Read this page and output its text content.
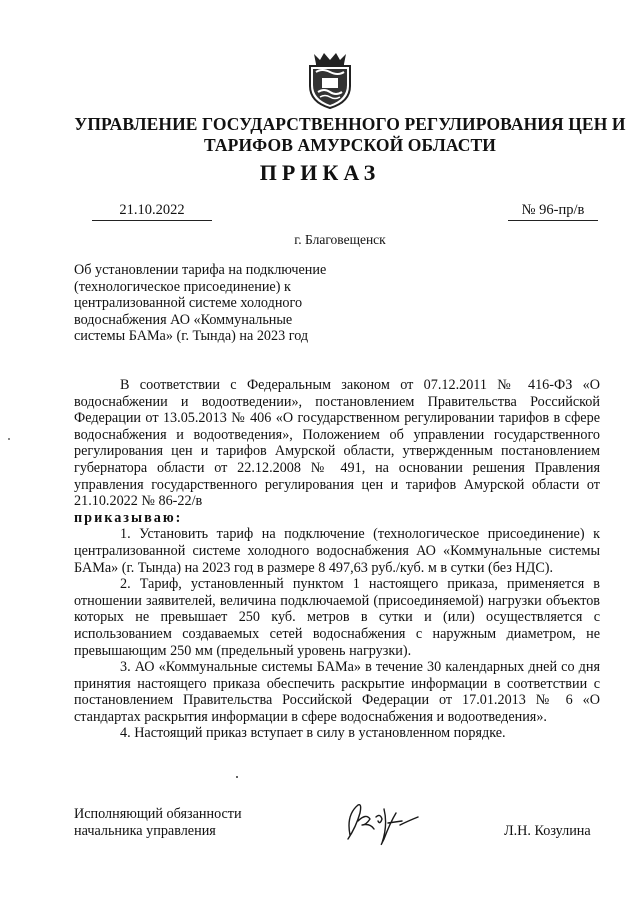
УПРАВЛЕНИЕ ГОСУДАРСТВЕННОГО РЕГУЛИРОВАНИЯ ЦЕН И
ТАРИФОВ АМУРСКОЙ ОБЛАСТИ
ПРИКАЗ
21.10.2022	№ 96-пр/в
г. Благовещенск
Об установлении тарифа на подключение
(технологическое присоединение) к
централизованной системе холодного
водоснабжения АО «Коммунальные
системы БАМа» (г. Тында) на 2023 год

В соответствии с Федеральным законом от 07.12.2011 № 416-ФЗ «О водоснабжении и водоотведении», постановлением Правительства Российской Федерации от 13.05.2013 № 406 «О государственном регулировании тарифов в сфере водоснабжения и водоотведения», Положением об управлении государственного регулирования цен и тарифов Амурской области, утвержденным постановлением губернатора области от 22.12.2008 № 491, на основании решения Правления управления государственного регулирования цен и тарифов Амурской области от 21.10.2022 № 86-22/в

приказываю:

1. Установить тариф на подключение (технологическое присоединение) к централизованной системе холодного водоснабжения АО «Коммунальные системы БАМа» (г. Тында) на 2023 год в размере 8 497,63 руб./куб. м в сутки (без НДС).

2. Тариф, установленный пунктом 1 настоящего приказа, применяется в отношении заявителей, величина подключаемой (присоединяемой) нагрузки объектов которых не превышает 250 куб. метров в сутки и (или) осуществляется с использованием создаваемых сетей водоснабжения с наружным диаметром, не превышающим 250 мм (предельный уровень нагрузки).

3. АО «Коммунальные системы БАМа» в течение 30 календарных дней со дня принятия настоящего приказа обеспечить раскрытие информации в соответствии с постановлением Правительства Российской Федерации от 17.01.2013 № 6 «О стандартах раскрытия информации в сфере водоснабжения и водоотведения».

4. Настоящий приказ вступает в силу в установленном порядке.

Исполняющий обязанности
начальника управления	Л.Н. Козулина
